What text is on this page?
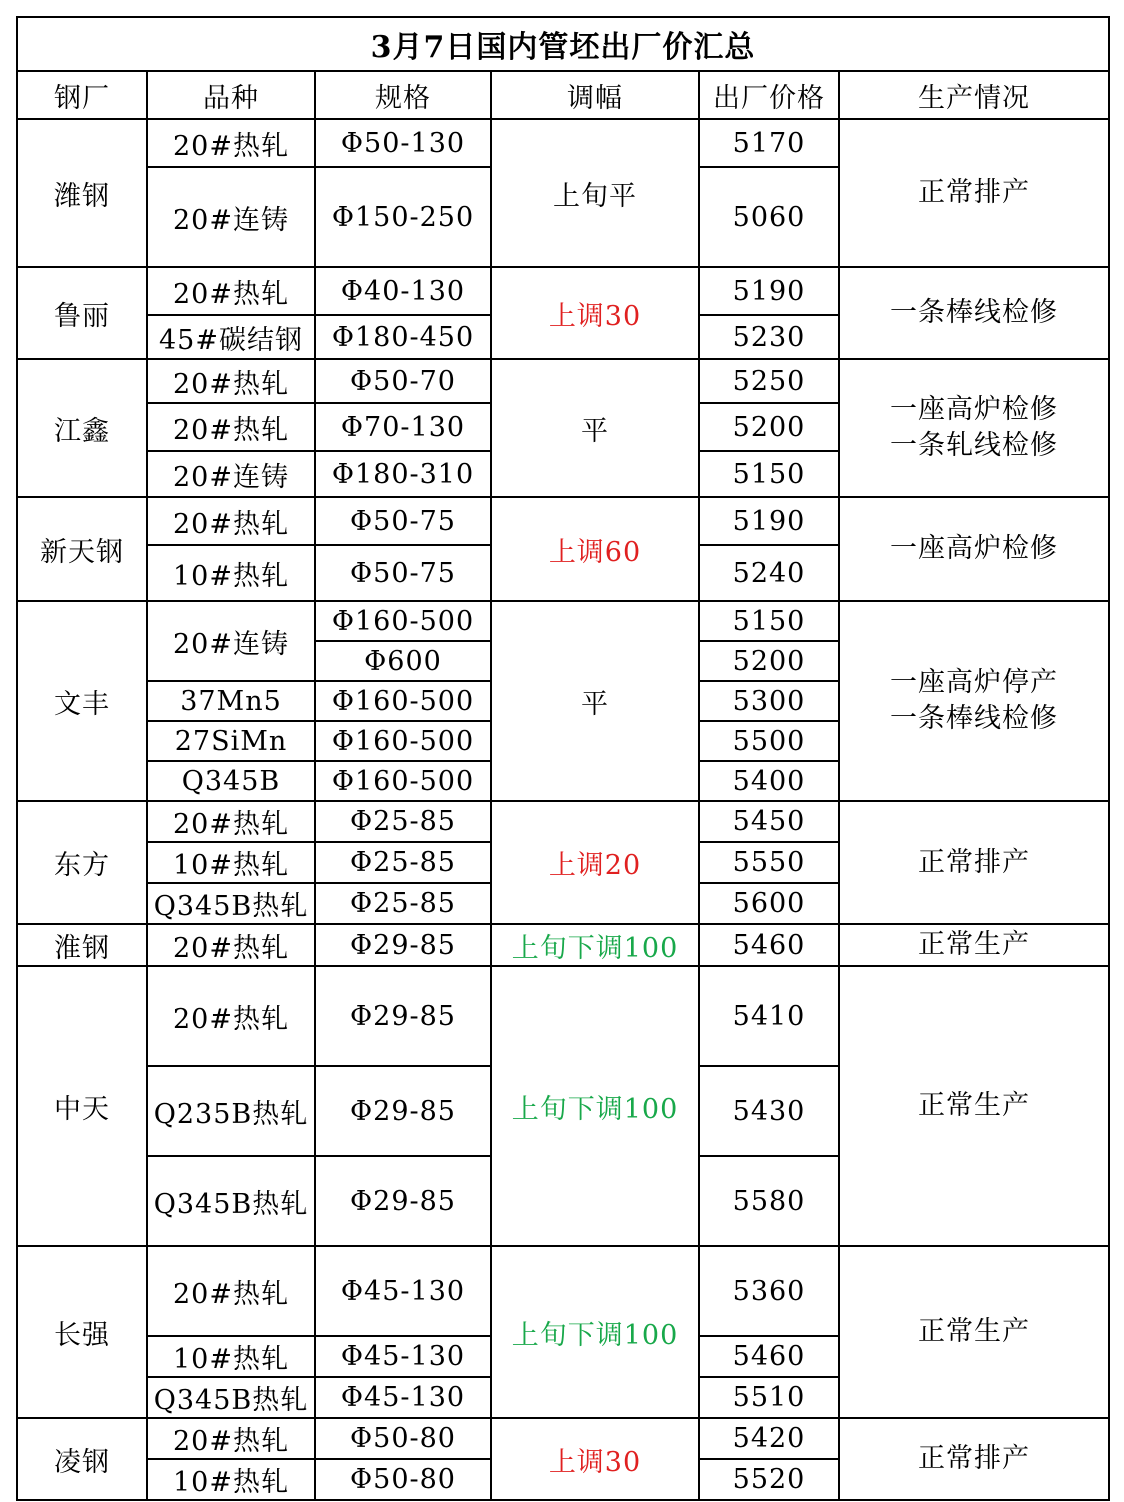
3月7日国内管坯出厂价汇总					
钢厂	品种	规格	调幅	出厂价格	生产情况
潍钢	20#热轧	Φ50-130	上旬平	5170	正常排产

	20#连铸	Φ150-250		5060	
鲁丽	20#热轧	Φ40-130	上调30	5190	一条棒线检修

	45#碳结钢	Φ180-450		5230	
江鑫	20#热轧	Φ50-70	平	5250	一座高炉检修
一条轧线检修

	20#热轧	Φ70-130		5200	
	20#连铸	Φ180-310		5150	
新天钢	20#热轧	Φ50-75	上调60	5190	一座高炉检修

	10#热轧	Φ50-75		5240	
文丰	20#连铸	Φ160-500	平	5150	一座高炉停产
一条棒线检修

		Φ600		5200	
	37Mn5	Φ160-500		5300	
	27SiMn	Φ160-500		5500	
	Q345B	Φ160-500		5400	
东方	20#热轧	Φ25-85	上调20	5450	正常排产

	10#热轧	Φ25-85		5550	
	Q345B热轧	Φ25-85		5600	
淮钢	20#热轧	Φ29-85	上旬下调100	5460	正常生产

中天	20#热轧	Φ29-85	上旬下调100	5410	正常生产

	Q235B热轧	Φ29-85		5430	
	Q345B热轧	Φ29-85		5580	
长强	20#热轧	Φ45-130	上旬下调100	5360	正常生产

	10#热轧	Φ45-130		5460	
	Q345B热轧	Φ45-130		5510	
凌钢	20#热轧	Φ50-80	上调30	5420	正常排产

	10#热轧	Φ50-80		5520	
